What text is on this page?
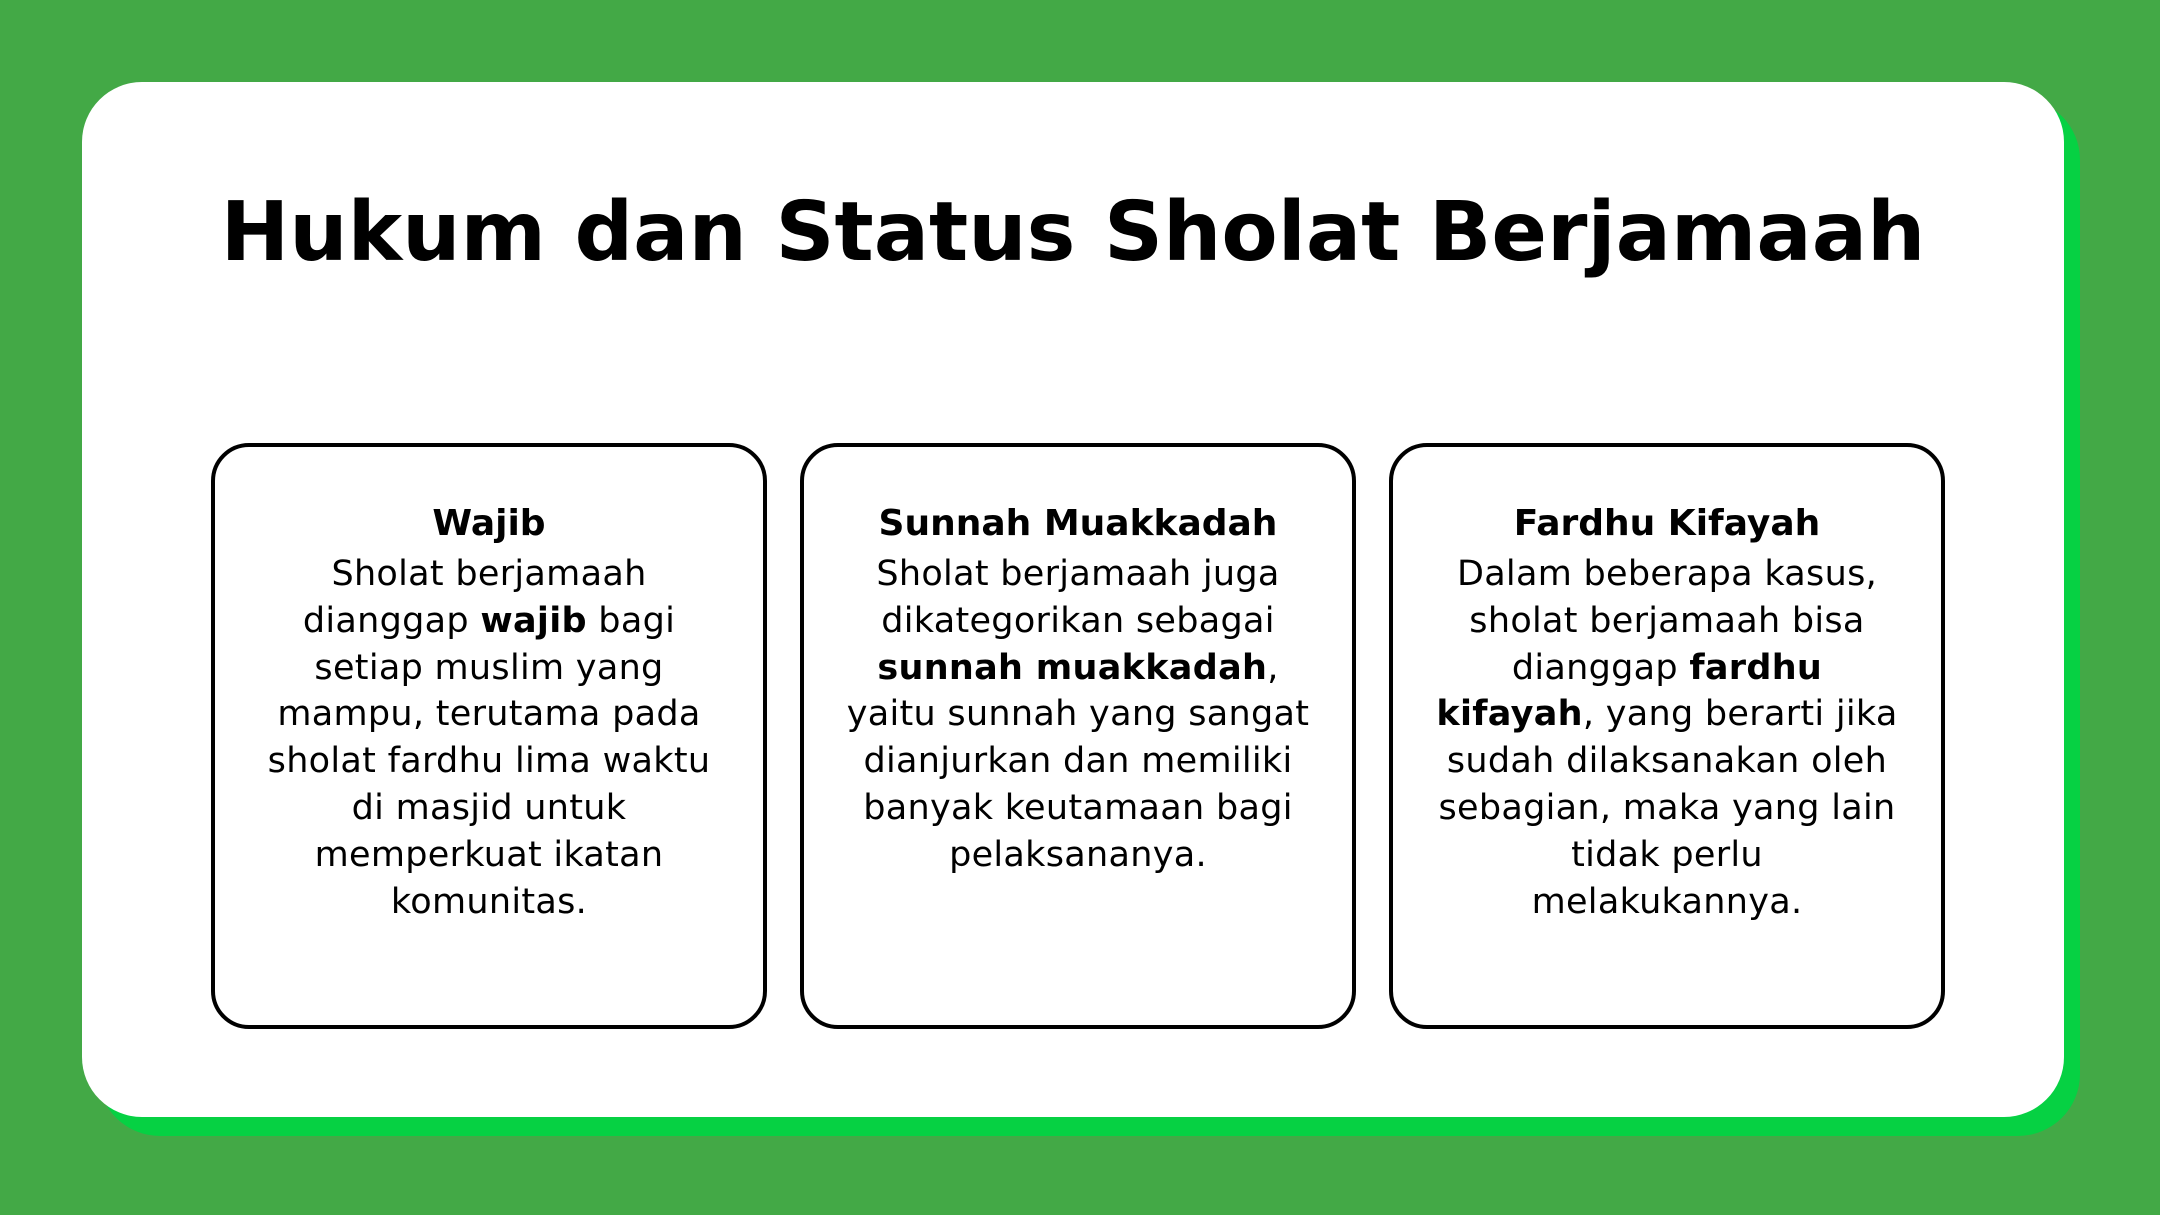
Hukum dan Status Sholat Berjamaah
Wajib

Sholat berjamaah dianggap wajib bagi setiap muslim yang mampu, terutama pada sholat fardhu lima waktu di masjid untuk memperkuat ikatan komunitas.

Sunnah Muakkadah

Sholat berjamaah juga dikategorikan sebagai sunnah muakkadah, yaitu sunnah yang sangat dianjurkan dan memiliki banyak keutamaan bagi pelaksananya.

Fardhu Kifayah

Dalam beberapa kasus, sholat berjamaah bisa dianggap fardhu kifayah, yang berarti jika sudah dilaksanakan oleh sebagian, maka yang lain tidak perlu melakukannya.
